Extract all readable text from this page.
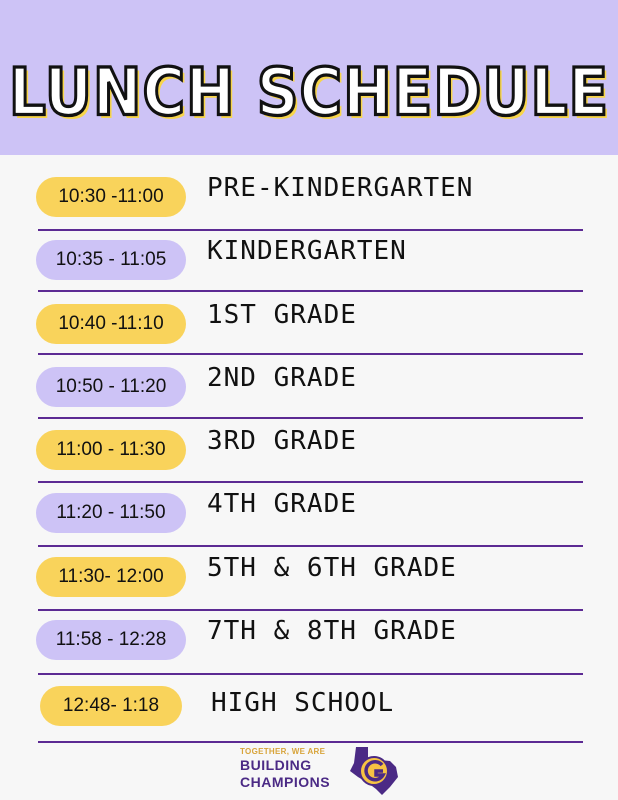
LUNCH SCHEDULE
10:30 -11:00	PRE-KINDERGARTEN
10:35 - 11:05	KINDERGARTEN
10:40 -11:10	1ST GRADE
10:50 - 11:20	2ND GRADE
11:00 - 11:30	3RD GRADE
11:20 - 11:50	4TH GRADE
11:30- 12:00	5TH & 6TH GRADE
11:58 - 12:28	7TH & 8TH GRADE
12:48- 1:18	HIGH SCHOOL
TOGETHER, WE ARE
BUILDING
CHAMPIONS
